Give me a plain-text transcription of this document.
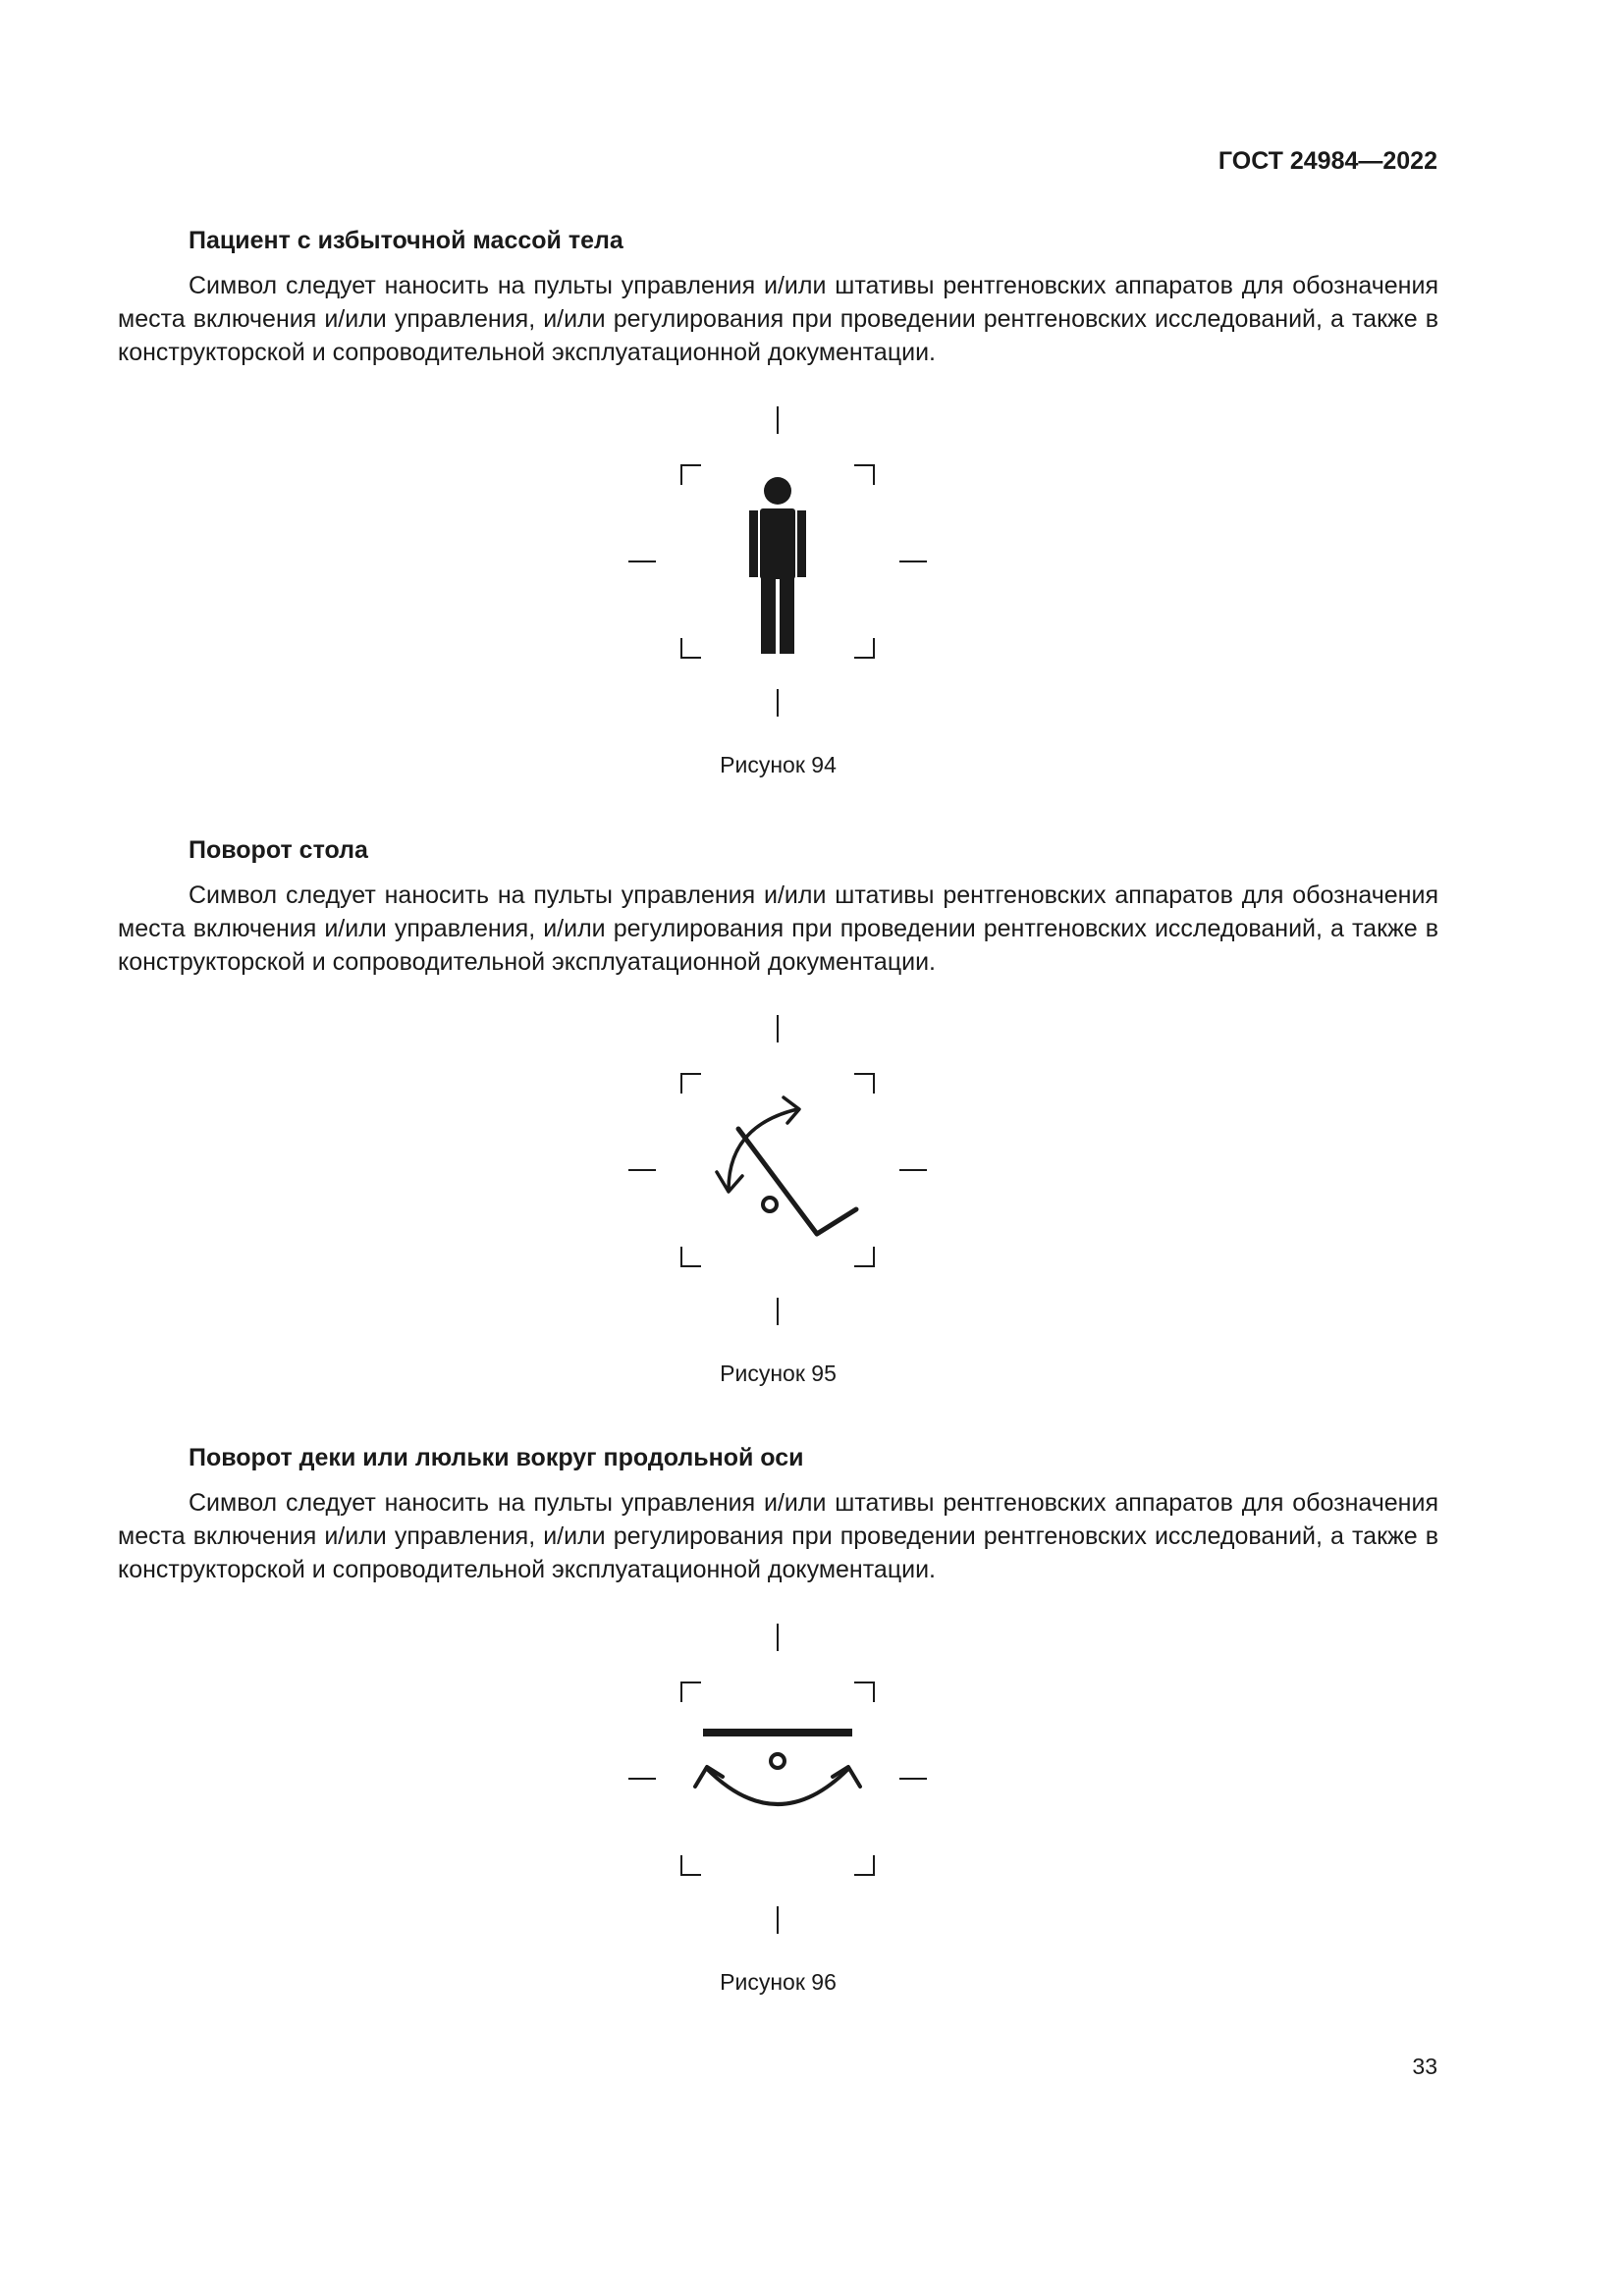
ГОСТ 24984—2022

Пациент с избыточной массой тела

Символ следует наносить на пульты управления и/или штативы рентгеновских аппаратов для обозначения места включения и/или управления, и/или регулирования при проведении рентгеновских исследований, а также в конструкторской и сопроводительной эксплуатационной документации.

Рисунок 94

Поворот стола

Символ следует наносить на пульты управления и/или штативы рентгеновских аппаратов для обозначения места включения и/или управления, и/или регулирования при проведении рентгеновских исследований, а также в конструкторской и сопроводительной эксплуатационной документации.

Рисунок 95

Поворот деки или люльки вокруг продольной оси

Символ следует наносить на пульты управления и/или штативы рентгеновских аппаратов для обозначения места включения и/или управления, и/или регулирования при проведении рентгеновских исследований, а также в конструкторской и сопроводительной эксплуатационной документации.

Рисунок 96

33
